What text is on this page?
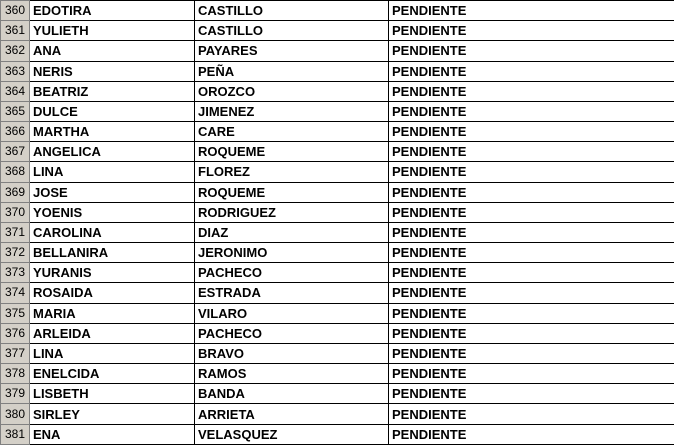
360	EDOTIRA	CASTILLO	PENDIENTE
361	YULIETH	CASTILLO	PENDIENTE
362	ANA	PAYARES	PENDIENTE
363	NERIS	PEÑA	PENDIENTE
364	BEATRIZ	OROZCO	PENDIENTE
365	DULCE	JIMENEZ	PENDIENTE
366	MARTHA	CARE	PENDIENTE
367	ANGELICA	ROQUEME	PENDIENTE
368	LINA	FLOREZ	PENDIENTE
369	JOSE	ROQUEME	PENDIENTE
370	YOENIS	RODRIGUEZ	PENDIENTE
371	CAROLINA	DIAZ	PENDIENTE
372	BELLANIRA	JERONIMO	PENDIENTE
373	YURANIS	PACHECO	PENDIENTE
374	ROSAIDA	ESTRADA	PENDIENTE
375	MARIA	VILARO	PENDIENTE
376	ARLEIDA	PACHECO	PENDIENTE
377	LINA	BRAVO	PENDIENTE
378	ENELCIDA	RAMOS	PENDIENTE
379	LISBETH	BANDA	PENDIENTE
380	SIRLEY	ARRIETA	PENDIENTE
381	ENA	VELASQUEZ	PENDIENTE
